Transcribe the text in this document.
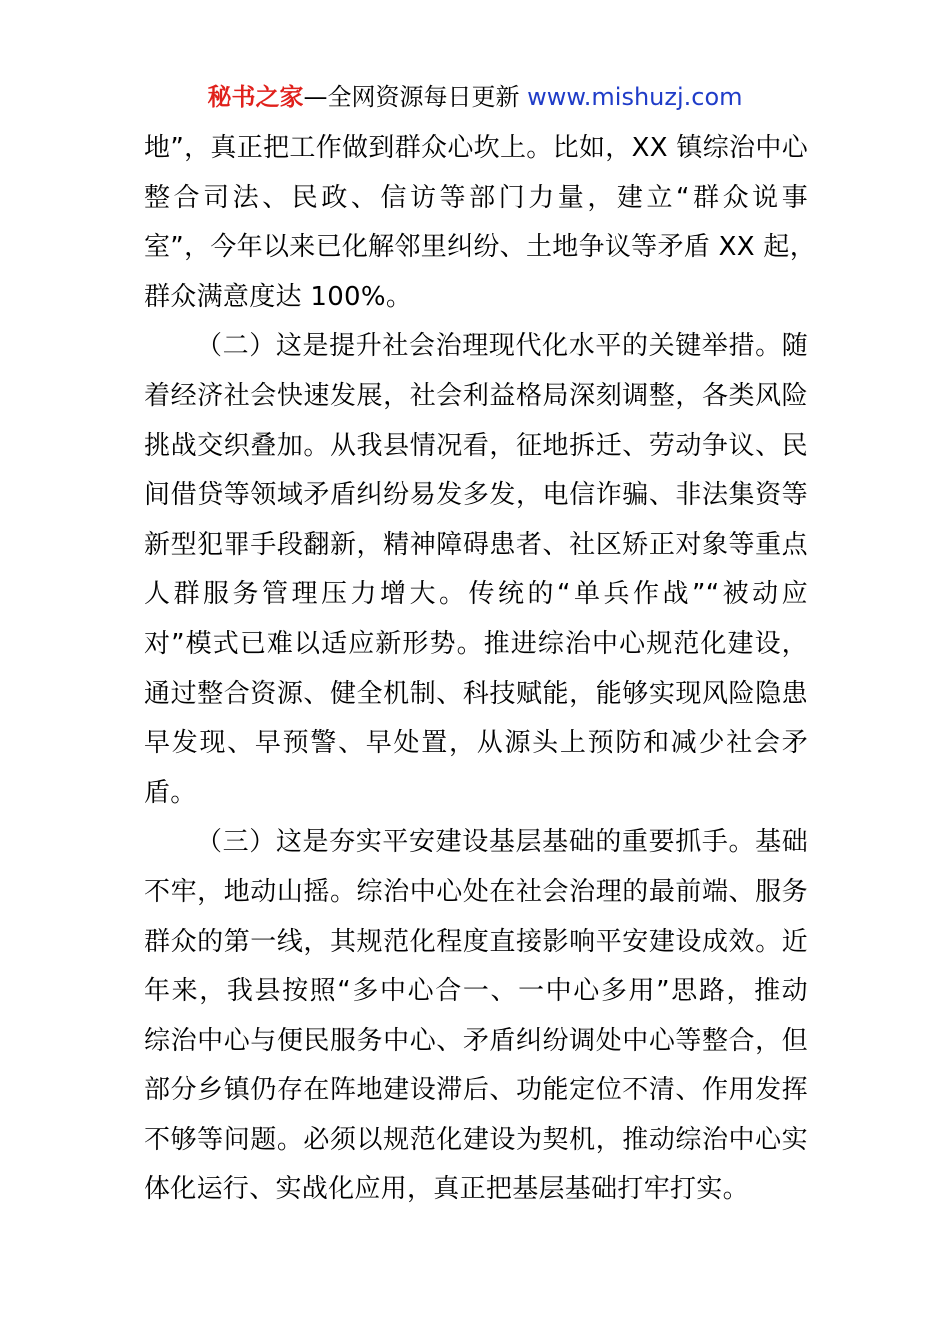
秘书之家—全网资源每日更新 www.mishuzj.com
地”，真正把工作做到群众心坎上。比如，XX 镇综治中心
整合司法、民政、信访等部门力量，建立“群众说事
室”，今年以来已化解邻里纠纷、土地争议等矛盾 XX 起，
群众满意度达 100%。
（二）这是提升社会治理现代化水平的关键举措。随
着经济社会快速发展，社会利益格局深刻调整，各类风险
挑战交织叠加。从我县情况看，征地拆迁、劳动争议、民
间借贷等领域矛盾纠纷易发多发，电信诈骗、非法集资等
新型犯罪手段翻新，精神障碍患者、社区矫正对象等重点
人群服务管理压力增大。传统的“单兵作战”“被动应
对”模式已难以适应新形势。推进综治中心规范化建设，
通过整合资源、健全机制、科技赋能，能够实现风险隐患
早发现、早预警、早处置，从源头上预防和减少社会矛
盾。
（三）这是夯实平安建设基层基础的重要抓手。基础
不牢，地动山摇。综治中心处在社会治理的最前端、服务
群众的第一线，其规范化程度直接影响平安建设成效。近
年来，我县按照“多中心合一、一中心多用”思路，推动
综治中心与便民服务中心、矛盾纠纷调处中心等整合，但
部分乡镇仍存在阵地建设滞后、功能定位不清、作用发挥
不够等问题。必须以规范化建设为契机，推动综治中心实
体化运行、实战化应用，真正把基层基础打牢打实。
